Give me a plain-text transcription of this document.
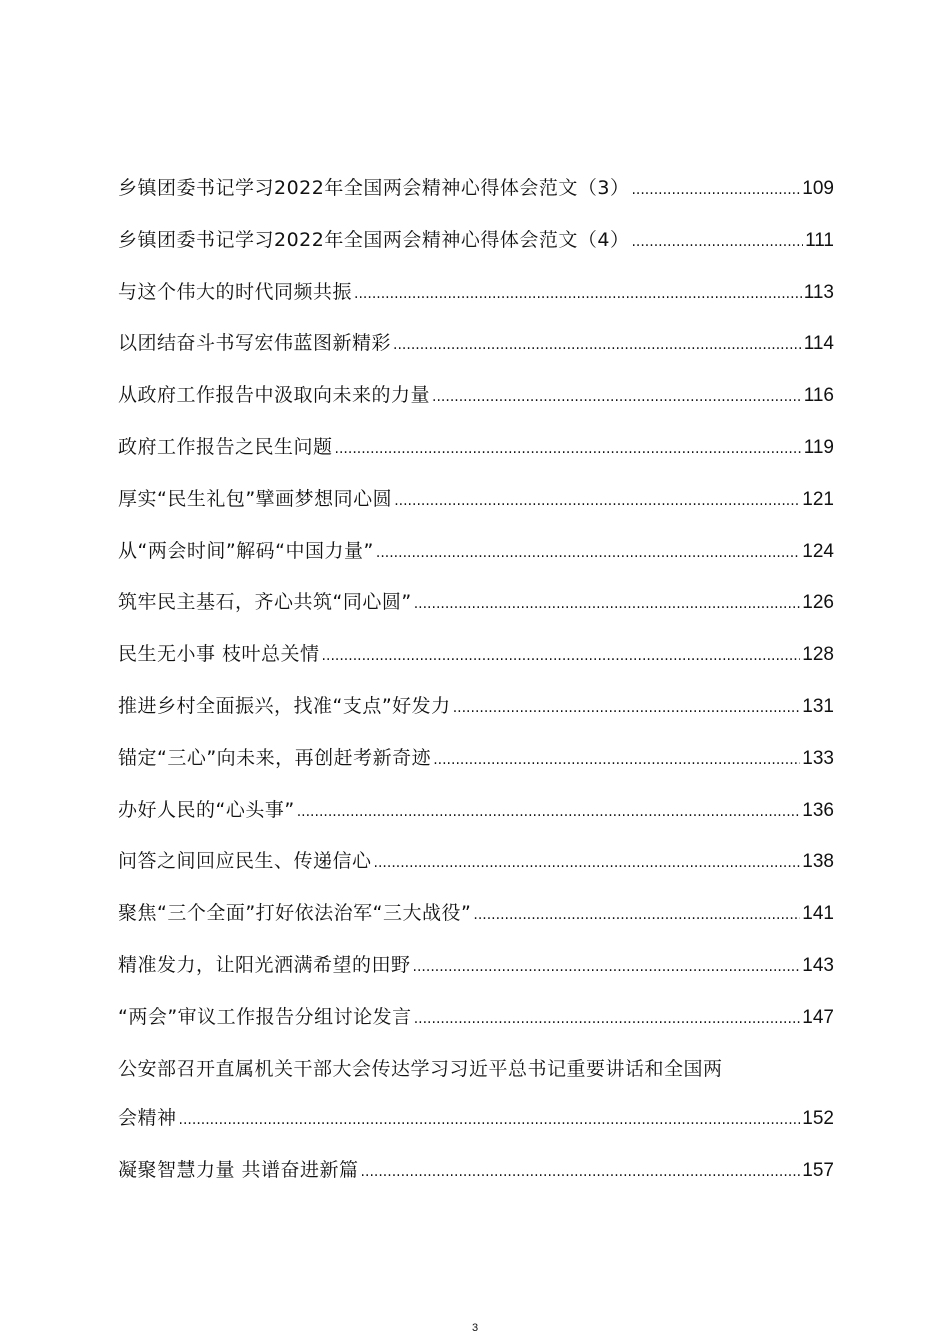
乡镇团委书记学习2022年全国两会精神心得体会范文（3） .....	109
乡镇团委书记学习2022年全国两会精神心得体会范文（4） .....	111
与这个伟大的时代同频共振 .....	113
以团结奋斗书写宏伟蓝图新精彩 .....	114
从政府工作报告中汲取向未来的力量 .....	116
政府工作报告之民生问题 .....	119
厚实“民生礼包”擘画梦想同心圆 .....	121
从“两会时间”解码“中国力量” .....	124
筑牢民主基石，齐心共筑“同心圆” .....	126
民生无小事 枝叶总关情 .....	128
推进乡村全面振兴，找准“支点”好发力 .....	131
锚定“三心”向未来，再创赶考新奇迹 .....	133
办好人民的“心头事” .....	136
问答之间回应民生、传递信心 .....	138
聚焦“三个全面”打好依法治军“三大战役” .....	141
精准发力，让阳光洒满希望的田野 .....	143
“两会”审议工作报告分组讨论发言 .....	147
公安部召开直属机关干部大会传达学习习近平总书记重要讲话和全国两
会精神 .....	152
凝聚智慧力量 共谱奋进新篇 .....	157
3
